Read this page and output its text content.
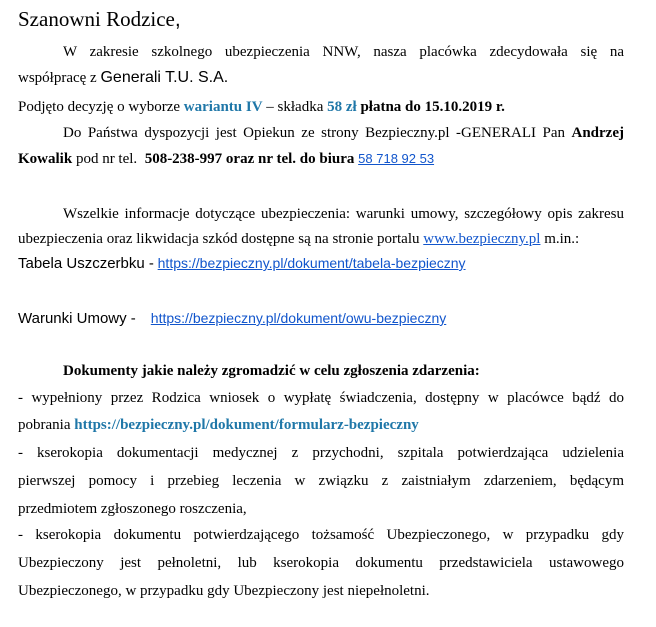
Szanowni Rodzice,
W zakresie szkolnego ubezpieczenia NNW, nasza placówka zdecydowała się na
współpracę z Generali T.U. S.A.
Podjęto decyzję o wyborze wariantu IV – składka 58 zł płatna do 15.10.2019 r.
Do Państwa dyspozycji jest Opiekun ze strony Bezpieczny.pl -GENERALI Pan Andrzej
Kowalik pod nr tel. 508-238-997 oraz nr tel. do biura 58 718 92 53
Wszelkie informacje dotyczące ubezpieczenia: warunki umowy, szczegółowy opis zakresu
ubezpieczenia oraz likwidacja szkód dostępne są na stronie portalu www.bezpieczny.pl m.in.:
Tabela Uszczerbku - https://bezpieczny.pl/dokument/tabela-bezpieczny
Warunki Umowy - https://bezpieczny.pl/dokument/owu-bezpieczny
Dokumenty jakie należy zgromadzić w celu zgłoszenia zdarzenia:
- wypełniony przez Rodzica wniosek o wypłatę świadczenia, dostępny w placówce bądź do
pobrania https://bezpieczny.pl/dokument/formularz-bezpieczny
- kserokopia dokumentacji medycznej z przychodni, szpitala potwierdzająca udzielenia
pierwszej pomocy i przebieg leczenia w związku z zaistniałym zdarzeniem, będącym
przedmiotem zgłoszonego roszczenia,
- kserokopia dokumentu potwierdzającego tożsamość Ubezpieczonego, w przypadku gdy
Ubezpieczony jest pełnoletni, lub kserokopia dokumentu przedstawiciela ustawowego
Ubezpieczonego, w przypadku gdy Ubezpieczony jest niepełnoletni.
